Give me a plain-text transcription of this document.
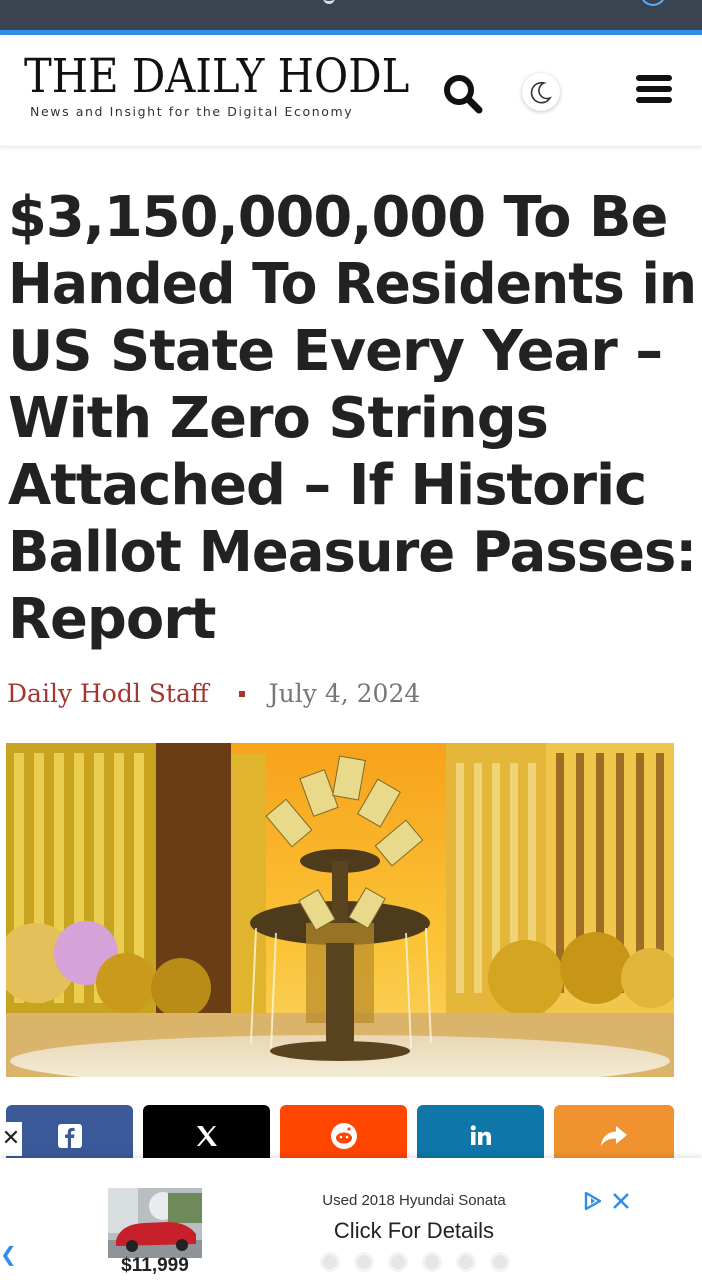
THE DAILY HODL
News and Insight for the Digital Economy
$3,150,000,000 To Be
Handed To Residents in
US State Every Year –
With Zero Strings
Attached – If Historic
Ballot Measure Passes:
Report
Daily Hodl Staff July 4, 2024
✕
❮	$11,999
Used 2018 Hyundai Sonata
Click For Details
